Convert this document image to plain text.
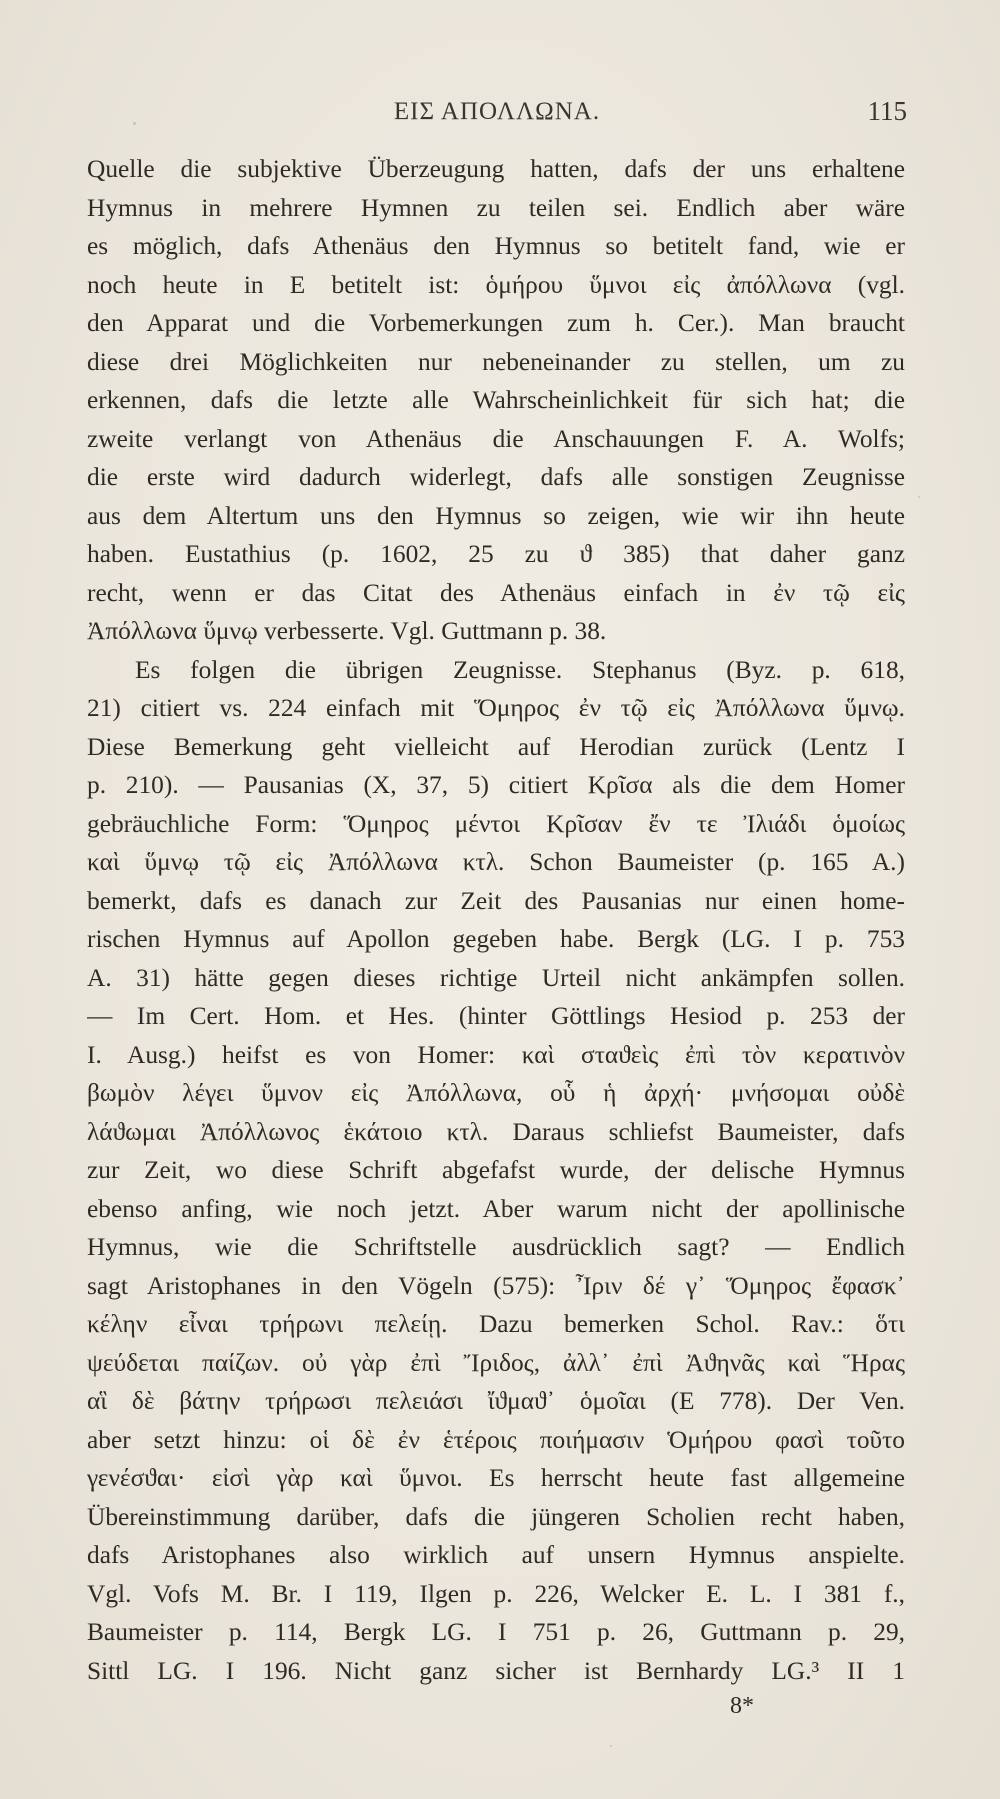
ΕΙΣ ΑΠΟΛΛΩΝΑ.	115
Quelle die subjektive Überzeugung hatten, dafs der uns erhaltene
Hymnus in mehrere Hymnen zu teilen sei. Endlich aber wäre
es möglich, dafs Athenäus den Hymnus so betitelt fand, wie er
noch heute in E betitelt ist: ὁμήρου ὕμνοι εἰς ἀπόλλωνα (vgl.
den Apparat und die Vorbemerkungen zum h. Cer.). Man braucht
diese drei Möglichkeiten nur nebeneinander zu stellen, um zu
erkennen, dafs die letzte alle Wahrscheinlichkeit für sich hat; die
zweite verlangt von Athenäus die Anschauungen F. A. Wolfs;
die erste wird dadurch widerlegt, dafs alle sonstigen Zeugnisse
aus dem Altertum uns den Hymnus so zeigen, wie wir ihn heute
haben. Eustathius (p. 1602, 25 zu ϑ 385) that daher ganz
recht, wenn er das Citat des Athenäus einfach in ἐν τῷ εἰς
Ἀπόλλωνα ὕμνῳ verbesserte. Vgl. Guttmann p. 38.
Es folgen die übrigen Zeugnisse. Stephanus (Byz. p. 618,
21) citiert vs. 224 einfach mit Ὅμηρος ἐν τῷ εἰς Ἀπόλλωνα ὕμνῳ.
Diese Bemerkung geht vielleicht auf Herodian zurück (Lentz I
p. 210). — Pausanias (X, 37, 5) citiert Κρῖσα als die dem Homer
gebräuchliche Form: Ὅμηρος μέντοι Κρῖσαν ἔν τε Ἰλιάδι ὁμοίως
καὶ ὕμνῳ τῷ εἰς Ἀπόλλωνα κτλ. Schon Baumeister (p. 165 A.)
bemerkt, dafs es danach zur Zeit des Pausanias nur einen home-
rischen Hymnus auf Apollon gegeben habe. Bergk (LG. I p. 753
A. 31) hätte gegen dieses richtige Urteil nicht ankämpfen sollen.
— Im Cert. Hom. et Hes. (hinter Göttlings Hesiod p. 253 der
I. Ausg.) heifst es von Homer: καὶ σταϑεὶς ἐπὶ τὸν κερατινὸν
βωμὸν λέγει ὕμνον εἰς Ἀπόλλωνα, οὗ ἡ ἀρχή· μνήσομαι οὐδὲ
λάϑωμαι Ἀπόλλωνος ἑκάτοιο κτλ. Daraus schliefst Baumeister, dafs
zur Zeit, wo diese Schrift abgefafst wurde, der delische Hymnus
ebenso anfing, wie noch jetzt. Aber warum nicht der apollinische
Hymnus, wie die Schriftstelle ausdrücklich sagt? — Endlich
sagt Aristophanes in den Vögeln (575): Ἶριν δέ γ᾽ Ὅμηρος ἔφασκ᾽
κέλην εἶναι τρήρωνι πελείῃ. Dazu bemerken Schol. Rav.: ὅτι
ψεύδεται παίζων. οὐ γὰρ ἐπὶ Ἴριδος, ἀλλ᾽ ἐπὶ Ἀϑηνᾶς καὶ Ἥρας
αἳ δὲ βάτην τρήρωσι πελειάσι ἴϑμαϑ᾽ ὁμοῖαι (E 778). Der Ven.
aber setzt hinzu: οἱ δὲ ἐν ἑτέροις ποιήμασιν Ὁμήρου φασὶ τοῦτο
γενέσϑαι· εἰσὶ γὰρ καὶ ὕμνοι. Es herrscht heute fast allgemeine
Übereinstimmung darüber, dafs die jüngeren Scholien recht haben,
dafs Aristophanes also wirklich auf unsern Hymnus anspielte.
Vgl. Vofs M. Br. I 119, Ilgen p. 226, Welcker E. L. I 381 f.,
Baumeister p. 114, Bergk LG. I 751 p. 26, Guttmann p. 29,
Sittl LG. I 196. Nicht ganz sicher ist Bernhardy LG.³ II 1
8*
